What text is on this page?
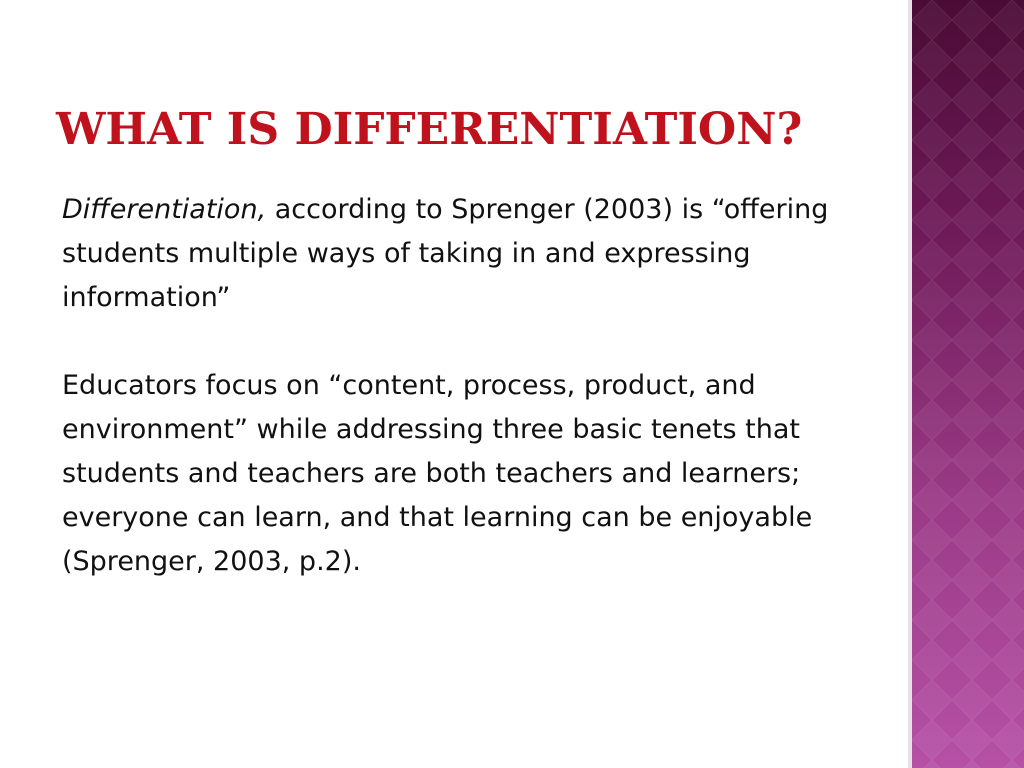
WHAT IS DIFFERENTIATION?

Differentiation, according to Sprenger (2003) is “offering students multiple ways of taking in and expressing information”

Educators focus on “content, process, product, and environment” while addressing three basic tenets that students and teachers are both teachers and learners; everyone can learn, and that learning can be enjoyable (Sprenger, 2003, p.2).
